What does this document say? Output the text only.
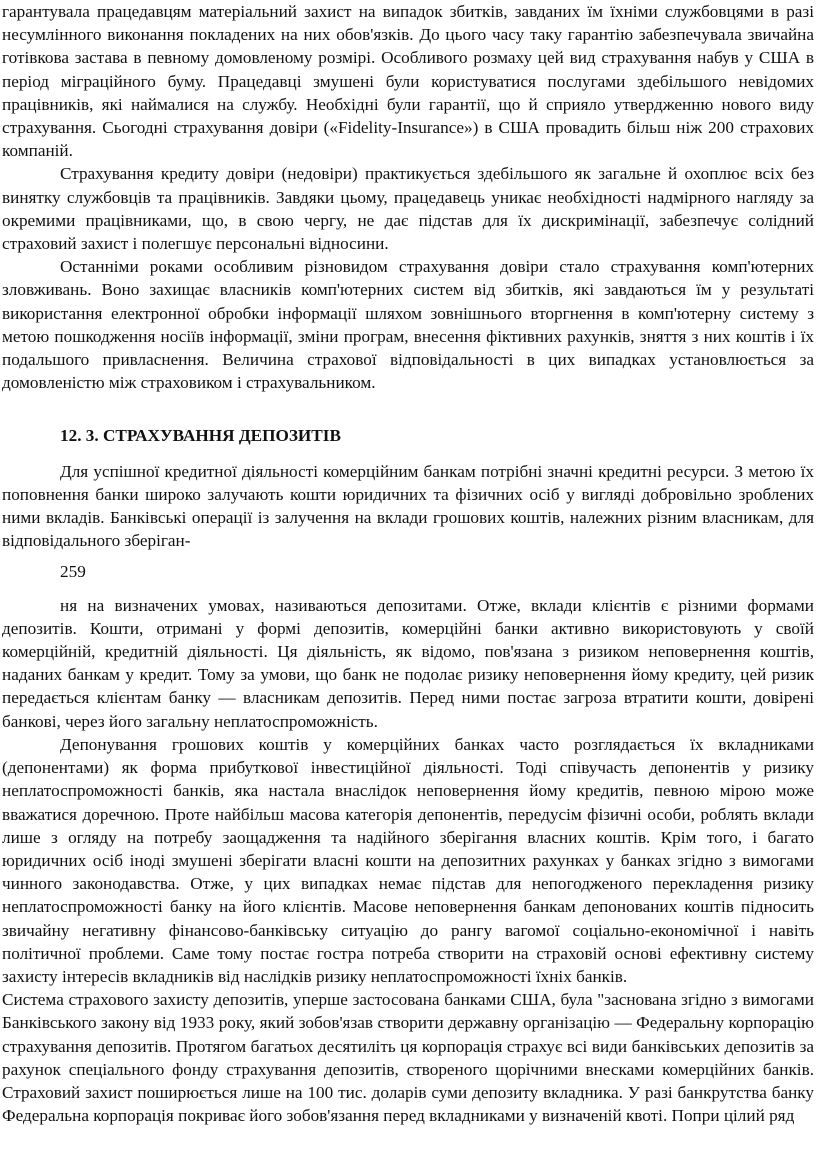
гарантувала працедавцям матеріальний захист на випадок збитків, завданих їм їхніми службовцями в разі несумлінного виконання покладених на них обов'язків. До цього часу таку гарантію забезпечувала звичайна готівкова застава в певному домовленому розмірі. Особливого розмаху цей вид страхування набув у США в період міграційного буму. Працедавці змушені були користуватися послугами здебільшого невідомих працівників, які наймалися на службу. Необхідні були гарантії, що й сприяло утвердженню нового виду страхування. Сьогодні страхування довіри («Fidelity-Insurance») в США провадить більш ніж 200 страхових компаній.

Страхування кредиту довіри (недовіри) практикується здебільшого як загальне й охоплює всіх без винятку службовців та працівників. Завдяки цьому, працедавець уникає необхідності надмірного нагляду за окремими працівниками, що, в свою чергу, не дає підстав для їх дискримінації, забезпечує солідний страховий захист і полегшує персональні відносини.

Останніми роками особливим різновидом страхування довіри стало страхування комп'ютерних зловживань. Воно захищає власників комп'ютерних систем від збитків, які завдаються їм у результаті використання електронної обробки інформації шляхом зовнішнього вторгнення в комп'ютерну систему з метою пошкодження носіїв інформації, зміни програм, внесення фіктивних рахунків, зняття з них коштів і їх подальшого привласнення. Величина страхової відповідальності в цих випадках установлюється за домовленістю між страховиком і страхувальником.

12. 3. СТРАХУВАННЯ ДЕПОЗИТІВ

Для успішної кредитної діяльності комерційним банкам потрібні значні кредитні ресурси. З метою їх поповнення банки широко залучають кошти юридичних та фізичних осіб у вигляді добровільно зроблених ними вкладів. Банківські операції із залучення на вклади грошових коштів, належних різним власникам, для відповідального зберіган-

259

ня на визначених умовах, називаються депозитами. Отже, вклади клієнтів є різними формами депозитів. Кошти, отримані у формі депозитів, комерційні банки активно використовують у своїй комерційній, кредитній діяльності. Ця діяльність, як відомо, пов'язана з ризиком неповернення коштів, наданих банкам у кредит. Тому за умови, що банк не подолає ризику неповернення йому кредиту, цей ризик передається клієнтам банку — власникам депозитів. Перед ними постає загроза втратити кошти, довірені банкові, через його загальну неплатоспроможність.

Депонування грошових коштів у комерційних банках часто розглядається їх вкладниками (депонентами) як форма прибуткової інвестиційної діяльності. Тоді співучасть депонентів у ризику неплатоспроможності банків, яка настала внаслідок неповернення йому кредитів, певною мірою може вважатися доречною. Проте найбільш масова категорія депонентів, передусім фізичні особи, роблять вклади лише з огляду на потребу заощадження та надійного зберігання власних коштів. Крім того, і багато юридичних осіб іноді змушені зберігати власні кошти на депозитних рахунках у банках згідно з вимогами чинного законодавства. Отже, у цих випадках немає підстав для непогодженого перекладення ризику неплатоспроможності банку на його клієнтів. Масове неповернення банкам депонованих коштів підносить звичайну негативну фінансово-банківську ситуацію до рангу вагомої соціально-економічної і навіть політичної проблеми. Саме тому постає гостра потреба створити на страховій основі ефективну систему захисту інтересів вкладників від наслідків ризику неплатоспроможності їхніх банків.

Система страхового захисту депозитів, уперше застосована банками США, була "заснована згідно з вимогами Банківського закону від 1933 року, який зобов'язав створити державну організацію — Федеральну корпорацію страхування депозитів. Протягом багатьох десятиліть ця корпорація страхує всі види банківських депозитів за рахунок спеціального фонду страхування депозитів, створеного щорічними внесками комерційних банків. Страховий захист поширюється лише на 100 тис. доларів суми депозиту вкладника. У разі банкрутства банку Федеральна корпорація покриває його зобов'язання перед вкладниками у визначеній квоті. Попри цілий ряд
